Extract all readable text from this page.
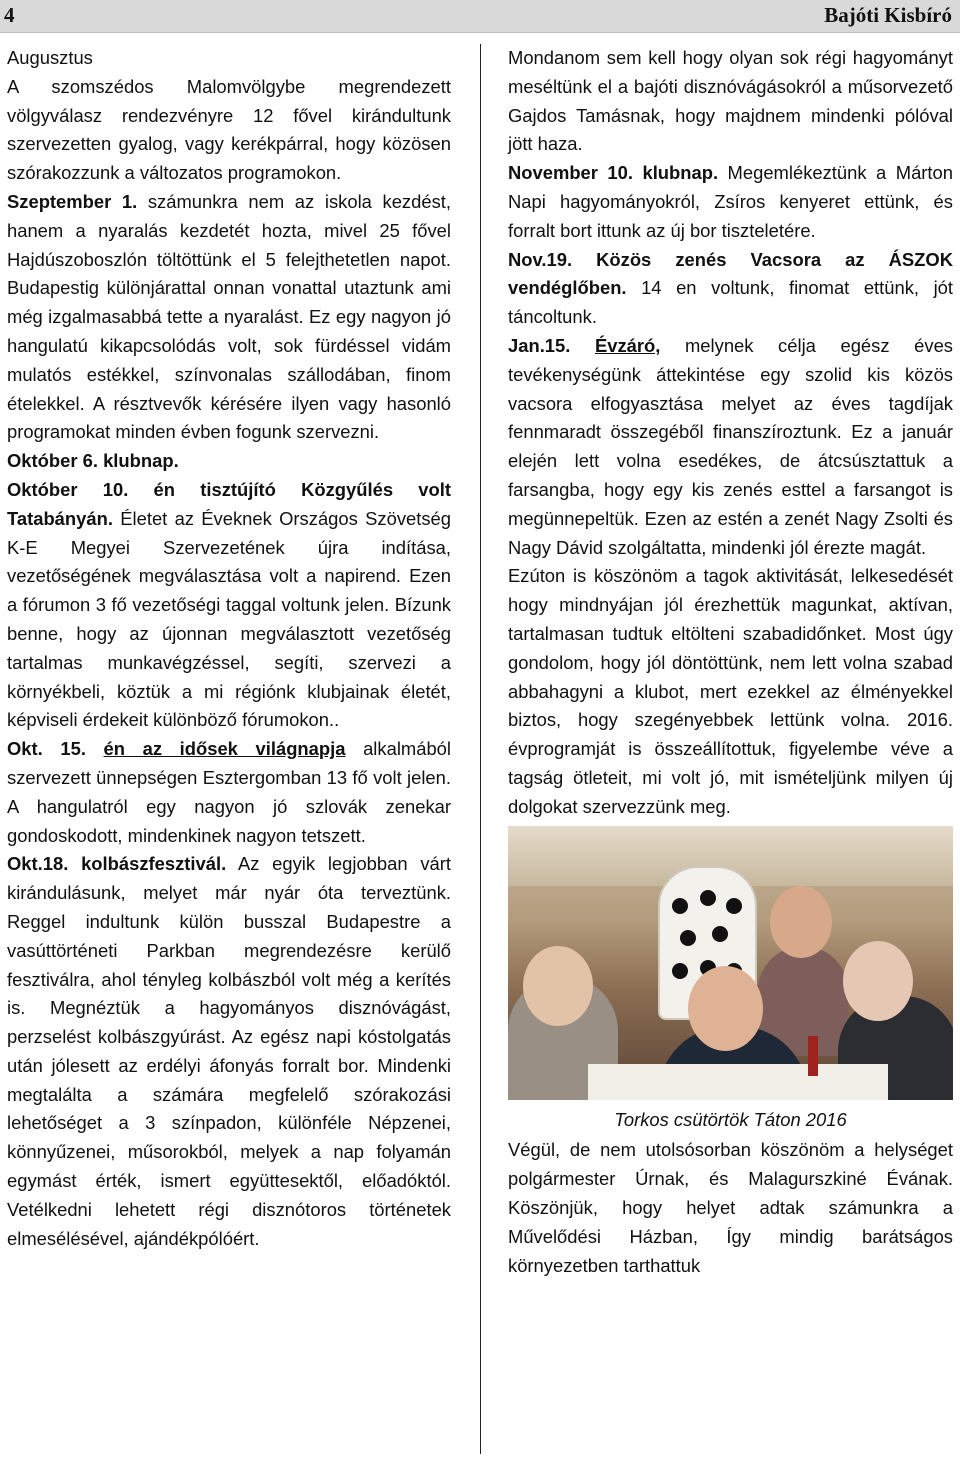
4	Bajóti Kisbíró

Augusztus
A szomszédos Malomvölgybe megrendezett völgyválasz rendezvényre 12 fővel kirándultunk szervezetten gyalog, vagy kerékpárral, hogy közösen szórakozzunk a változatos programokon.

Szeptember 1. számunkra nem az iskola kezdést, hanem a nyaralás kezdetét hozta, mivel 25 fővel Hajdúszoboszlón töltöttünk el 5 felejthetetlen napot. Budapestig különjárattal onnan vonattal utaztunk ami még izgalmasabbá tette a nyaralást. Ez egy nagyon jó hangulatú kikapcsolódás volt, sok fürdéssel vidám mulatós estékkel, színvonalas szállodában, finom ételekkel. A résztvevők kérésére ilyen vagy hasonló programokat minden évben fogunk szervezni.

Október 6. klubnap.

Október 10. én tisztújító Közgyűlés volt Tatabányán. Életet az Éveknek Országos Szövetség K-E Megyei Szervezetének újra indítása, vezetőségének megválasztása volt a napirend. Ezen a fórumon 3 fő vezetőségi taggal voltunk jelen. Bízunk benne, hogy az újonnan megválasztott vezetőség tartalmas munkavégzéssel, segíti, szervezi a környékbeli, köztük a mi régiónk klubjainak életét, képviseli érdekeit különböző fórumokon..

Okt. 15. én az idősek világnapja alkalmából szervezett ünnepségen Esztergomban 13 fő volt jelen. A hangulatról egy nagyon jó szlovák zenekar gondoskodott, mindenkinek nagyon tetszett.

Okt.18. kolbászfesztivál. Az egyik legjobban várt kirándulásunk, melyet már nyár óta terveztünk. Reggel indultunk külön busszal Budapestre a vasúttörténeti Parkban megrendezésre kerülő fesztiválra, ahol tényleg kolbászból volt még a kerítés is. Megnéztük a hagyományos disznóvágást, perzselést kolbászgyúrást. Az egész napi kóstolgatás után jólesett az erdélyi áfonyás forralt bor. Mindenki megtalálta a számára megfelelő szórakozási lehetőséget a 3 színpadon, különféle Népzenei, könnyűzenei, műsorokból, melyek a nap folyamán egymást érték, ismert együttesektől, előadóktól. Vetélkedni lehetett régi disznótoros történetek elmesélésével, ajándékpólóért.

Mondanom sem kell hogy olyan sok régi hagyományt meséltünk el a bajóti disznóvágásokról a műsorvezető Gajdos Tamásnak, hogy majdnem mindenki pólóval jött haza.

November 10. klubnap. Megemlékeztünk a Márton Napi hagyományokról, Zsíros kenyeret ettünk, és forralt bort ittunk az új bor tiszteletére.

Nov.19. Közös zenés Vacsora az ÁSZOK vendéglőben. 14 en voltunk, finomat ettünk, jót táncoltunk.

Jan.15. Évzáró, melynek célja egész éves tevékenységünk áttekintése egy szolid kis közös vacsora elfogyasztása melyet az éves tagdíjak fennmaradt összegéből finanszíroztunk. Ez a január elején lett volna esedékes, de átcsúsztattuk a farsangba, hogy egy kis zenés esttel a farsangot is megünnepeltük. Ezen az estén a zenét Nagy Zsolti és Nagy Dávid szolgáltatta, mindenki jól érezte magát.

Ezúton is köszönöm a tagok aktivitását, lelkesedését hogy mindnyájan jól érezhettük magunkat, aktívan, tartalmasan tudtuk eltölteni szabadidőnket. Most úgy gondolom, hogy jól döntöttünk, nem lett volna szabad abbahagyni a klubot, mert ezekkel az élményekkel biztos, hogy szegényebbek lettünk volna. 2016. évprogramját is összeállítottuk, figyelembe véve a tagság ötleteit, mi volt jó, mit ismételjünk milyen új dolgokat szervezzünk meg.

Torkos csütörtök Táton 2016

Végül, de nem utolsósorban köszönöm a helységet polgármester Úrnak, és Malagurszkiné Évának. Köszönjük, hogy helyet adtak számunkra a Művelődési Házban, Így mindig barátságos környezetben tarthattuk
